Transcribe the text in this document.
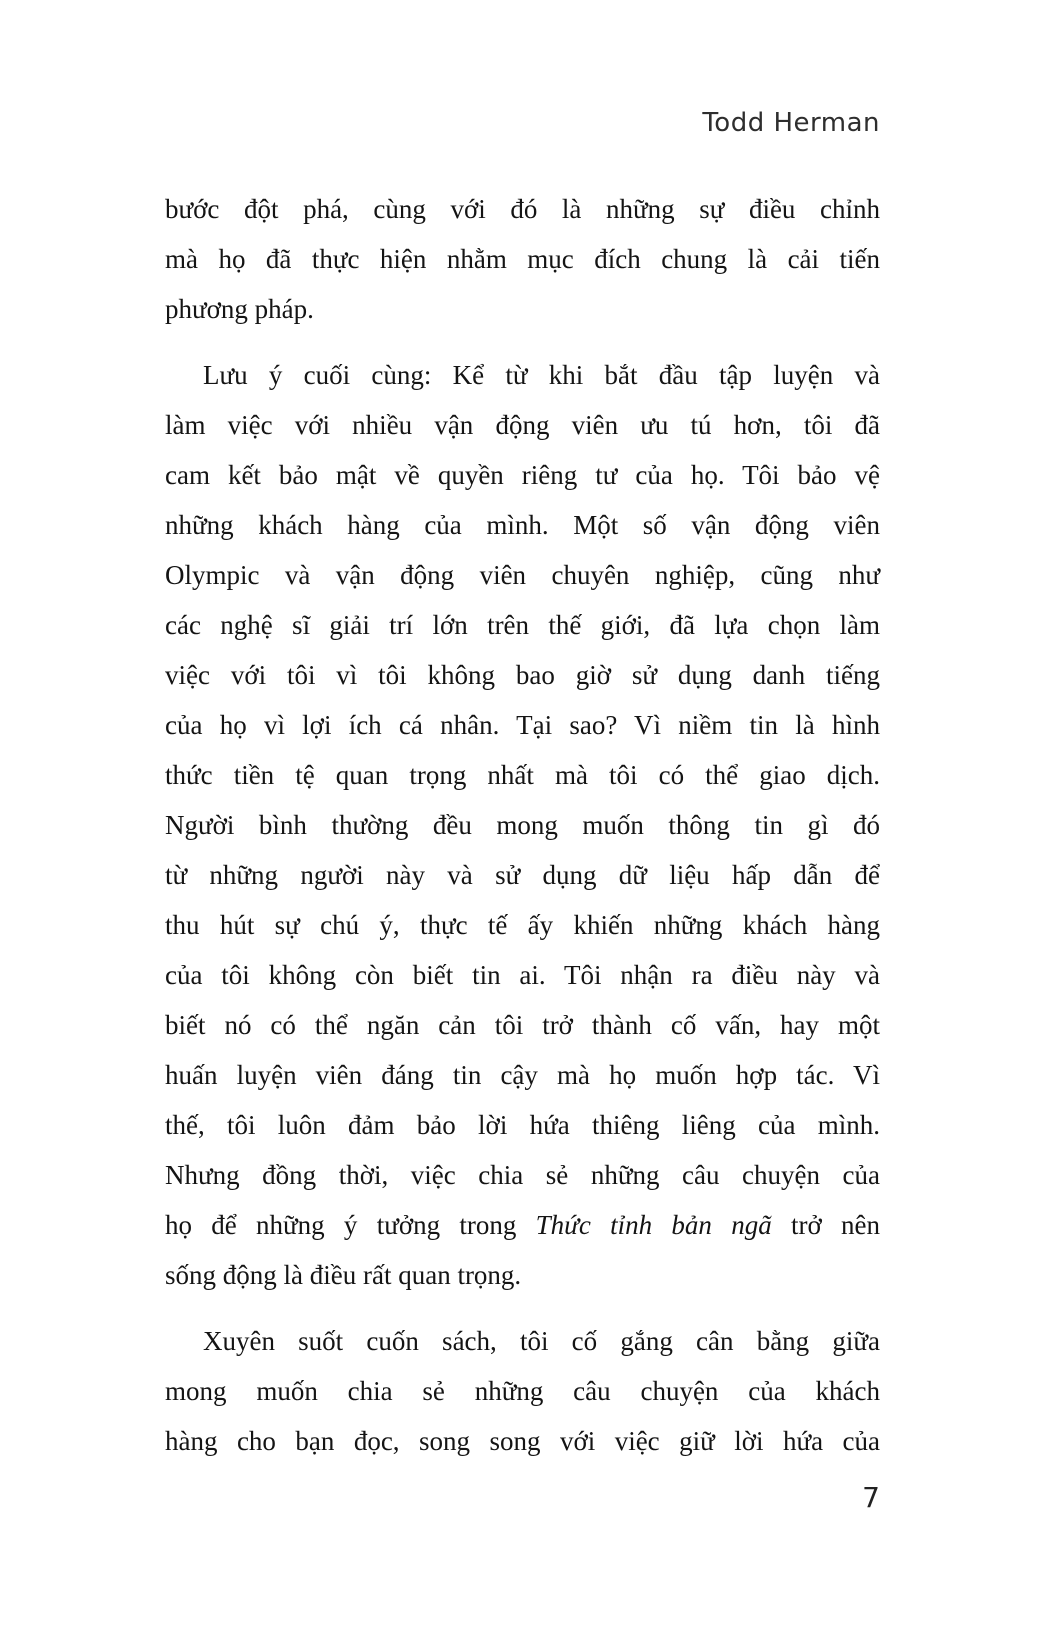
Todd Herman
bước đột phá, cùng với đó là những sự điều chỉnh
mà họ đã thực hiện nhằm mục đích chung là cải tiến
phương pháp.
Lưu ý cuối cùng: Kể từ khi bắt đầu tập luyện và
làm việc với nhiều vận động viên ưu tú hơn, tôi đã
cam kết bảo mật về quyền riêng tư của họ. Tôi bảo vệ
những khách hàng của mình. Một số vận động viên
Olympic và vận động viên chuyên nghiệp, cũng như
các nghệ sĩ giải trí lớn trên thế giới, đã lựa chọn làm
việc với tôi vì tôi không bao giờ sử dụng danh tiếng
của họ vì lợi ích cá nhân. Tại sao? Vì niềm tin là hình
thức tiền tệ quan trọng nhất mà tôi có thể giao dịch.
Người bình thường đều mong muốn thông tin gì đó
từ những người này và sử dụng dữ liệu hấp dẫn để
thu hút sự chú ý, thực tế ấy khiến những khách hàng
của tôi không còn biết tin ai. Tôi nhận ra điều này và
biết nó có thể ngăn cản tôi trở thành cố vấn, hay một
huấn luyện viên đáng tin cậy mà họ muốn hợp tác. Vì
thế, tôi luôn đảm bảo lời hứa thiêng liêng của mình.
Nhưng đồng thời, việc chia sẻ những câu chuyện của
họ để những ý tưởng trong Thức tỉnh bản ngã trở nên
sống động là điều rất quan trọng.
Xuyên suốt cuốn sách, tôi cố gắng cân bằng giữa
mong muốn chia sẻ những câu chuyện của khách
hàng cho bạn đọc, song song với việc giữ lời hứa của
7
